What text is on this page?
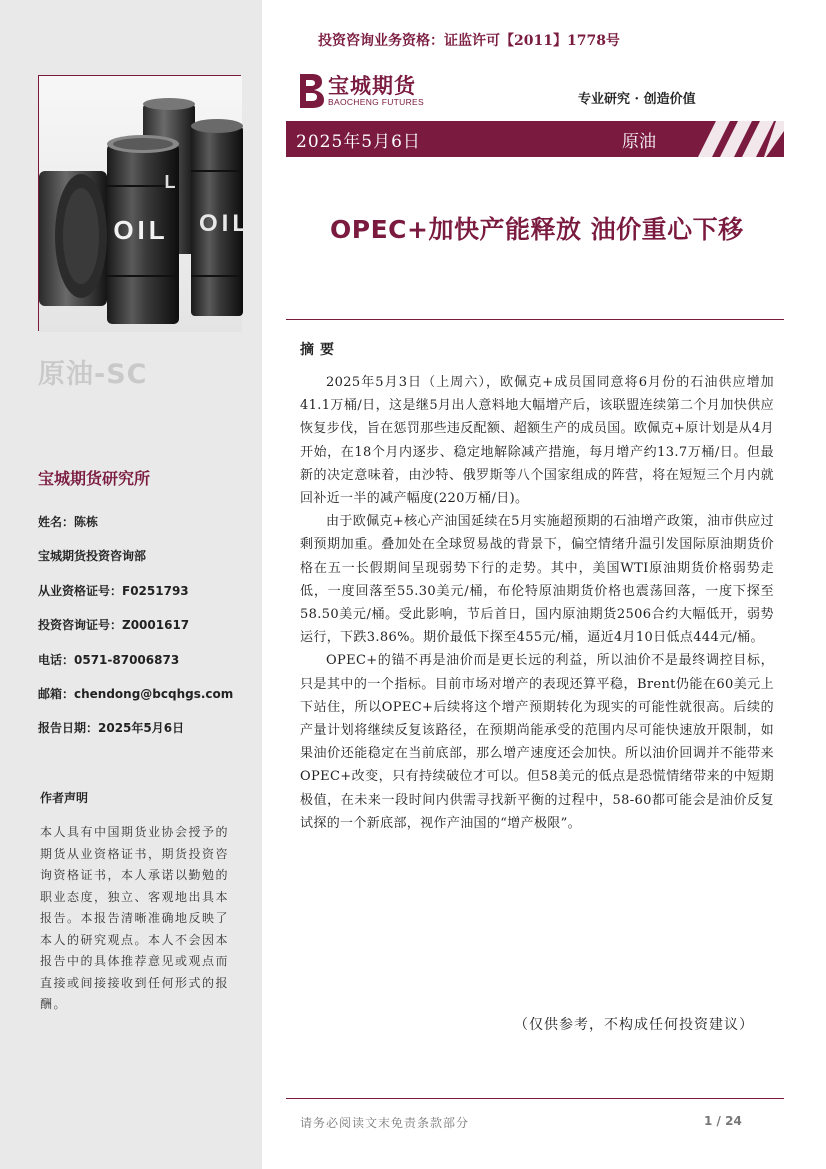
OIL OIL
L
原油-SC
宝城期货研究所
姓名：陈栋
宝城期货投资咨询部
从业资格证号：F0251793
投资咨询证号：Z0001617
电话：0571-87006873
邮箱：chendong@bcqhgs.com
报告日期：2025年5月6日
作者声明
本人具有中国期货业协会授予的期货从业资格证书，期货投资咨询资格证书，本人承诺以勤勉的职业态度，独立、客观地出具本报告。本报告清晰准确地反映了本人的研究观点。本人不会因本报告中的具体推荐意见或观点而直接或间接接收到任何形式的报酬。
投资咨询业务资格：证监许可【2011】1778号
宝城期货
BAOCHENG FUTURES	专业研究 · 创造价值
2025年5月6日	原油
OPEC+加快产能释放 油价重心下移
摘要

2025年5月3日（上周六），欧佩克+成员国同意将6月份的石油供应增加41.1万桶/日，这是继5月出人意料地大幅增产后，该联盟连续第二个月加快供应恢复步伐，旨在惩罚那些违反配额、超额生产的成员国。欧佩克+原计划是从4月开始，在18个月内逐步、稳定地解除减产措施，每月增产约13.7万桶/日。但最新的决定意味着，由沙特、俄罗斯等八个国家组成的阵营，将在短短三个月内就回补近一半的减产幅度(220万桶/日)。

由于欧佩克+核心产油国延续在5月实施超预期的石油增产政策，油市供应过剩预期加重。叠加处在全球贸易战的背景下，偏空情绪升温引发国际原油期货价格在五一长假期间呈现弱势下行的走势。其中，美国WTI原油期货价格弱势走低，一度回落至55.30美元/桶，布伦特原油期货价格也震荡回落，一度下探至58.50美元/桶。受此影响，节后首日，国内原油期货2506合约大幅低开，弱势运行，下跌3.86%。期价最低下探至455元/桶，逼近4月10日低点444元/桶。

OPEC+的锚不再是油价而是更长远的利益，所以油价不是最终调控目标，只是其中的一个指标。目前市场对增产的表现还算平稳，Brent仍能在60美元上下站住，所以OPEC+后续将这个增产预期转化为现实的可能性就很高。后续的产量计划将继续反复该路径，在预期尚能承受的范围内尽可能快速放开限制，如果油价还能稳定在当前底部，那么增产速度还会加快。所以油价回调并不能带来OPEC+改变，只有持续破位才可以。但58美元的低点是恐慌情绪带来的中短期极值，在未来一段时间内供需寻找新平衡的过程中，58-60都可能会是油价反复试探的一个新底部，视作产油国的“增产极限”。

（仅供参考，不构成任何投资建议）
请务必阅读文末免责条款部分	1 / 24
